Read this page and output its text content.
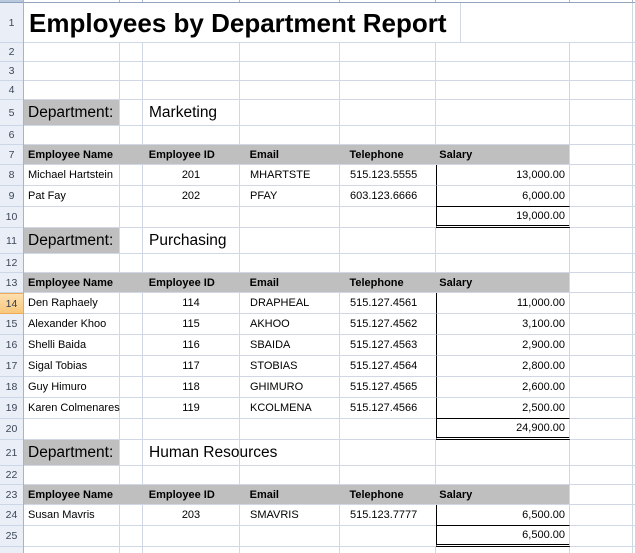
1
2
3
4
5
6
7
8
9
10
11
12
13
14
15
16
17
18
19
20
21
22
23
24
25
Employees by Department Report
Department: Marketing
Employee Name	Employee ID	Email	Telephone	Salary
Michael Hartstein	201	MHARTSTE	515.123.5555	13,000.00
Pat Fay	202	PFAY	603.123.6666	6,000.00
19,000.00
Department: Purchasing
Employee Name	Employee ID	Email	Telephone	Salary
Den Raphaely	114	DRAPHEAL	515.127.4561	11,000.00
Alexander Khoo	115	AKHOO	515.127.4562	3,100.00
Shelli Baida	116	SBAIDA	515.127.4563	2,900.00
Sigal Tobias	117	STOBIAS	515.127.4564	2,800.00
Guy Himuro	118	GHIMURO	515.127.4565	2,600.00
Karen Colmenares	119	KCOLMENA	515.127.4566	2,500.00
24,900.00
Department: Human Resources
Employee Name	Employee ID	Email	Telephone	Salary
Susan Mavris	203	SMAVRIS	515.123.7777	6,500.00
6,500.00
